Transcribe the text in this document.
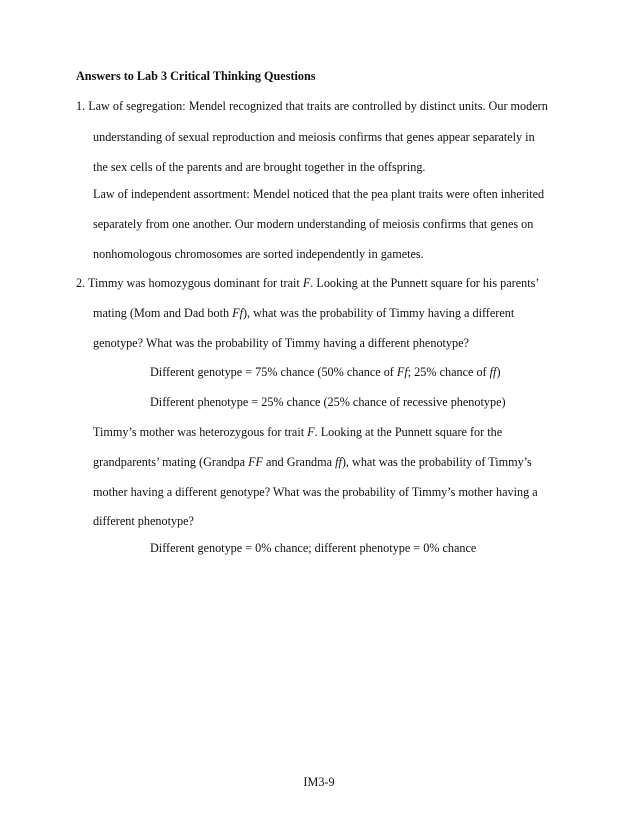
Answers to Lab 3 Critical Thinking Questions
1. Law of segregation: Mendel recognized that traits are controlled by distinct units. Our modern
understanding of sexual reproduction and meiosis confirms that genes appear separately in
the sex cells of the parents and are brought together in the offspring.
Law of independent assortment: Mendel noticed that the pea plant traits were often inherited
separately from one another. Our modern understanding of meiosis confirms that genes on
nonhomologous chromosomes are sorted independently in gametes.
2. Timmy was homozygous dominant for trait F. Looking at the Punnett square for his parents’
mating (Mom and Dad both Ff), what was the probability of Timmy having a different
genotype? What was the probability of Timmy having a different phenotype?
Different genotype = 75% chance (50% chance of Ff; 25% chance of ff)
Different phenotype = 25% chance (25% chance of recessive phenotype)
Timmy’s mother was heterozygous for trait F. Looking at the Punnett square for the
grandparents’ mating (Grandpa FF and Grandma ff), what was the probability of Timmy’s
mother having a different genotype? What was the probability of Timmy’s mother having a
different phenotype?
Different genotype = 0% chance; different phenotype = 0% chance
IM3-9
